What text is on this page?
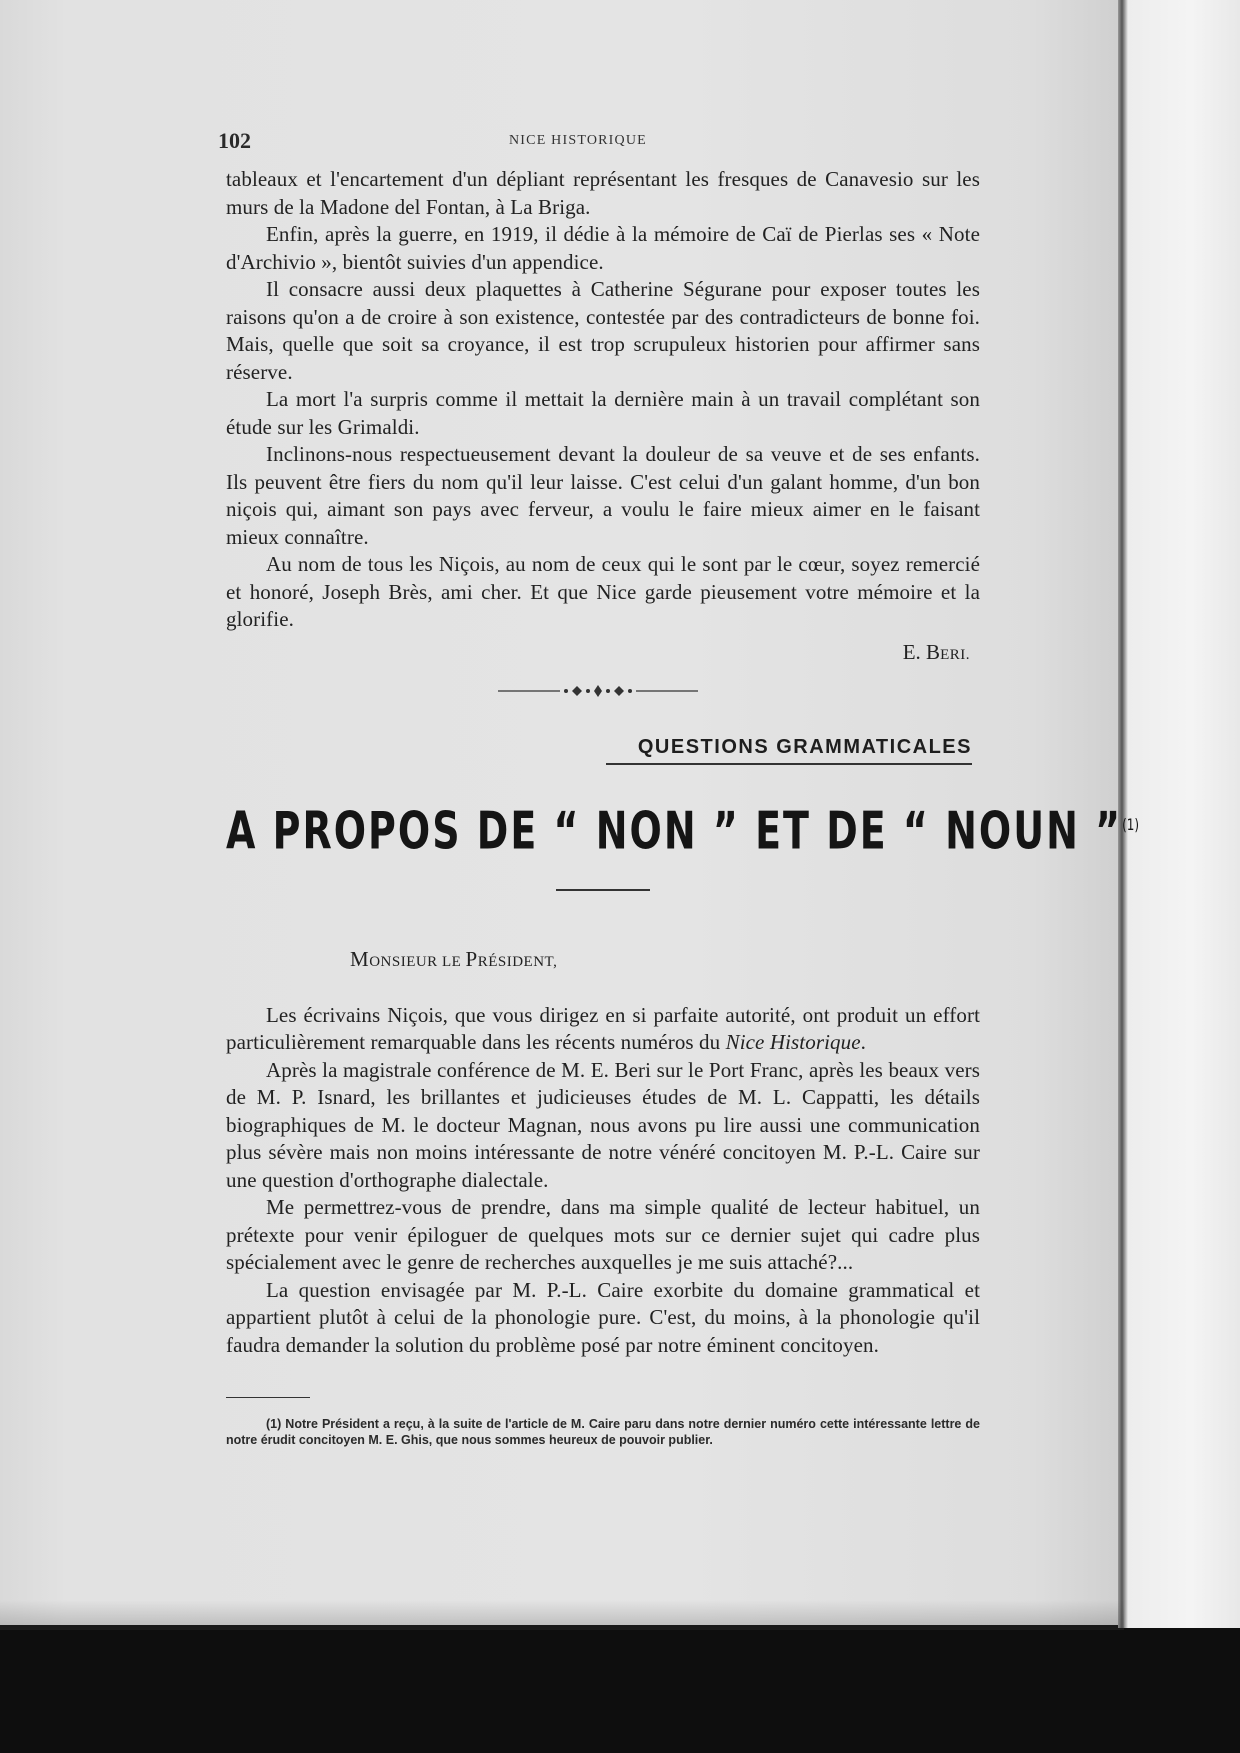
102	NICE HISTORIQUE

tableaux et l'encartement d'un dépliant représentant les fresques de Canavesio sur les murs de la Madone del Fontan, à La Briga.

Enfin, après la guerre, en 1919, il dédie à la mémoire de Caï de Pierlas ses « Note d'Archivio », bientôt suivies d'un appendice.

Il consacre aussi deux plaquettes à Catherine Ségurane pour exposer toutes les raisons qu'on a de croire à son existence, contestée par des contradicteurs de bonne foi. Mais, quelle que soit sa croyance, il est trop scrupuleux historien pour affirmer sans réserve.

La mort l'a surpris comme il mettait la dernière main à un travail complétant son étude sur les Grimaldi.

Inclinons-nous respectueusement devant la douleur de sa veuve et de ses enfants. Ils peuvent être fiers du nom qu'il leur laisse. C'est celui d'un galant homme, d'un bon niçois qui, aimant son pays avec ferveur, a voulu le faire mieux aimer en le faisant mieux connaître.

Au nom de tous les Niçois, au nom de ceux qui le sont par le cœur, soyez remercié et honoré, Joseph Brès, ami cher. Et que Nice garde pieusement votre mémoire et la glorifie.

E. BERI.
QUESTIONS GRAMMATICALES
A PROPOS DE “ NON ” ET DE “ NOUN ”$^{(1)}$
MONSIEUR LE PRÉSIDENT,

Les écrivains Niçois, que vous dirigez en si parfaite autorité, ont produit un effort particulièrement remarquable dans les récents numéros du Nice Historique.

Après la magistrale conférence de M. E. Beri sur le Port Franc, après les beaux vers de M. P. Isnard, les brillantes et judicieuses études de M. L. Cappatti, les détails biographiques de M. le docteur Magnan, nous avons pu lire aussi une communication plus sévère mais non moins intéressante de notre vénéré concitoyen M. P.-L. Caire sur une question d'orthographe dialectale.

Me permettrez-vous de prendre, dans ma simple qualité de lecteur habituel, un prétexte pour venir épiloguer de quelques mots sur ce dernier sujet qui cadre plus spécialement avec le genre de recherches auxquelles je me suis attaché?...

La question envisagée par M. P.-L. Caire exorbite du domaine grammatical et appartient plutôt à celui de la phonologie pure. C'est, du moins, à la phonologie qu'il faudra demander la solution du problème posé par notre éminent concitoyen.

(1) Notre Président a reçu, à la suite de l'article de M. Caire paru dans notre dernier numéro cette intéressante lettre de notre érudit concitoyen M. E. Ghis, que nous sommes heureux de pouvoir publier.
